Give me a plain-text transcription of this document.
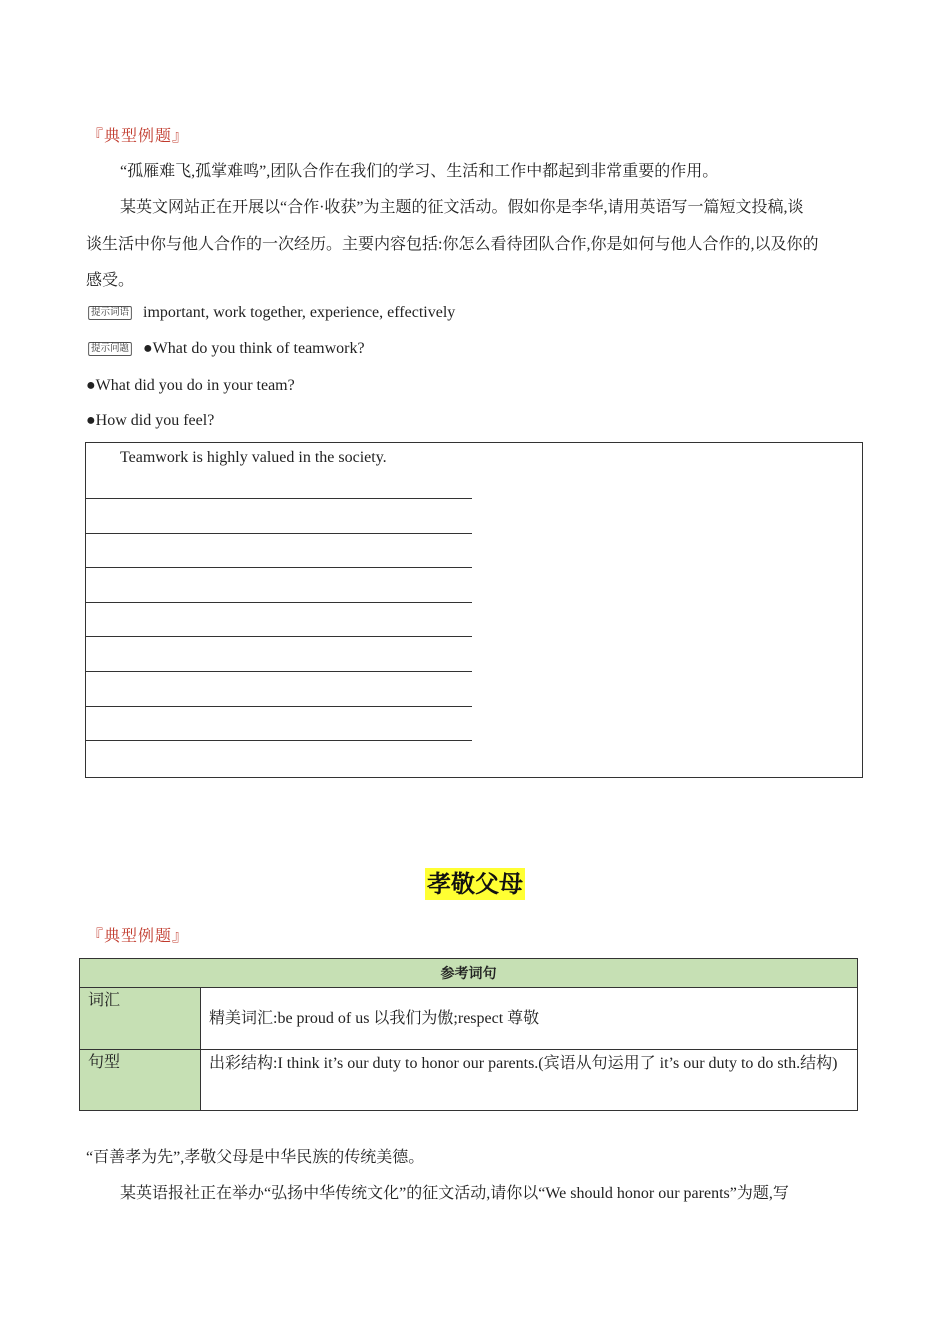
『典型例题』
“孤雁难飞,孤掌难鸣”,团队合作在我们的学习、生活和工作中都起到非常重要的作用。
某英文网站正在开展以“合作·收获”为主题的征文活动。假如你是李华,请用英语写一篇短文投稿,谈
谈生活中你与他人合作的一次经历。主要内容包括:你怎么看待团队合作,你是如何与他人合作的,以及你的
感受。
提示词语 important, work together, experience, effectively
提示问题 ●What do you think of teamwork?
●What did you do in your team?
●How did you feel?
Teamwork is highly valued in the society.
孝敬父母
『典型例题』
参考词句	
词汇	精美词汇:be proud of us 以我们为傲;respect 尊敬
句型	出彩结构:I think it’s our duty to honor our parents.(宾语从句运用了 it’s our duty to do sth.结构)
“百善孝为先”,孝敬父母是中华民族的传统美德。
某英语报社正在举办“弘扬中华传统文化”的征文活动,请你以“We should honor our parents”为题,写
